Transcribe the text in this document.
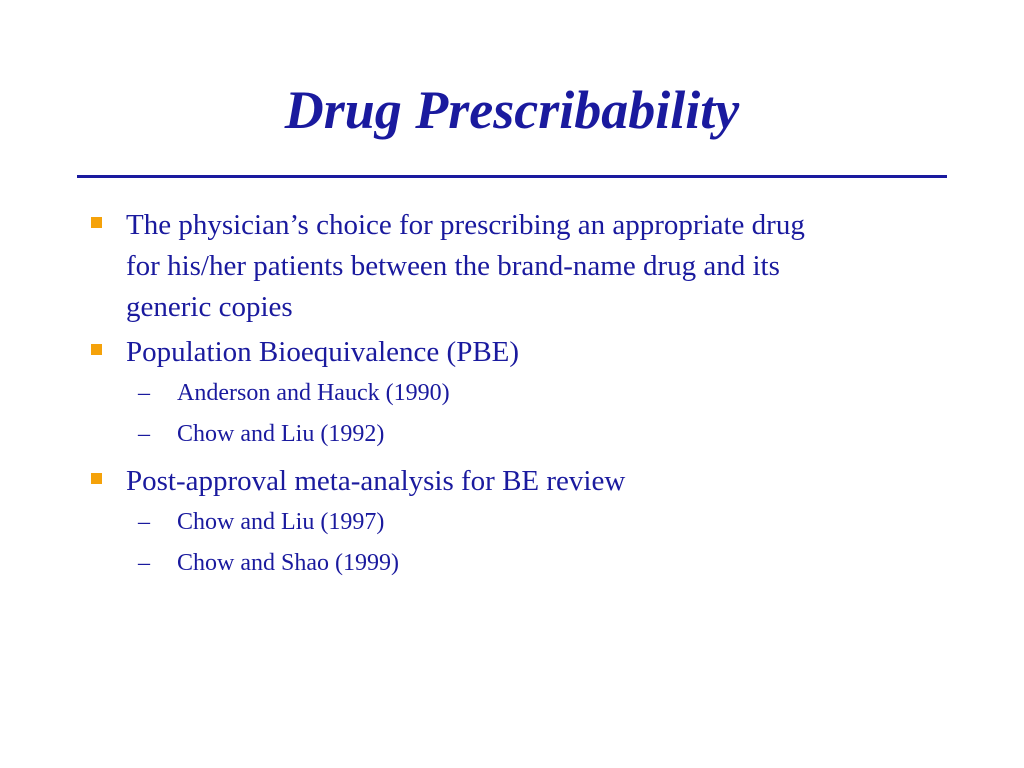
Drug Prescribability
The physician’s choice for prescribing an appropriate drug
for his/her patients between the brand-name drug and its
generic copies
Population Bioequivalence (PBE)
– Anderson and Hauck (1990)
– Chow and Liu (1992)
Post-approval meta-analysis for BE review
– Chow and Liu (1997)
– Chow and Shao (1999)
